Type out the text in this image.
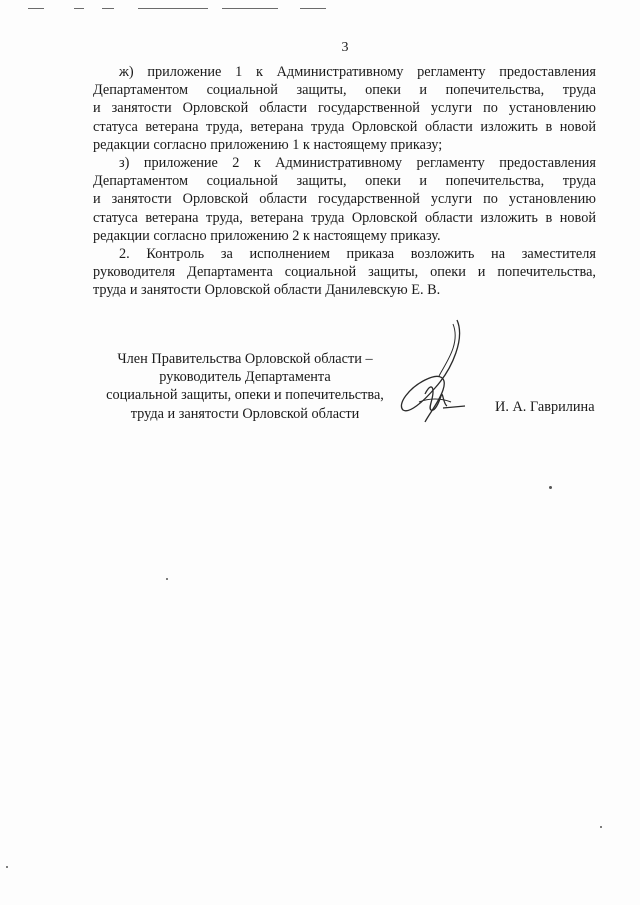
3

ж) приложение 1 к Административному регламенту предоставления
Департаментом социальной защиты, опеки и попечительства, труда
и занятости Орловской области государственной услуги по установлению
статуса ветерана труда, ветерана труда Орловской области изложить в новой
редакции согласно приложению 1 к настоящему приказу;

з) приложение 2 к Административному регламенту предоставления
Департаментом социальной защиты, опеки и попечительства, труда
и занятости Орловской области государственной услуги по установлению
статуса ветерана труда, ветерана труда Орловской области изложить в новой
редакции согласно приложению 2 к настоящему приказу.

2. Контроль за исполнением приказа возложить на заместителя
руководителя Департамента социальной защиты, опеки и попечительства,
труда и занятости Орловской области Данилевскую Е. В.

Член Правительства Орловской области –
руководитель Департамента
социальной защиты, опеки и попечительства,
труда и занятости Орловской области	И. А. Гаврилина
